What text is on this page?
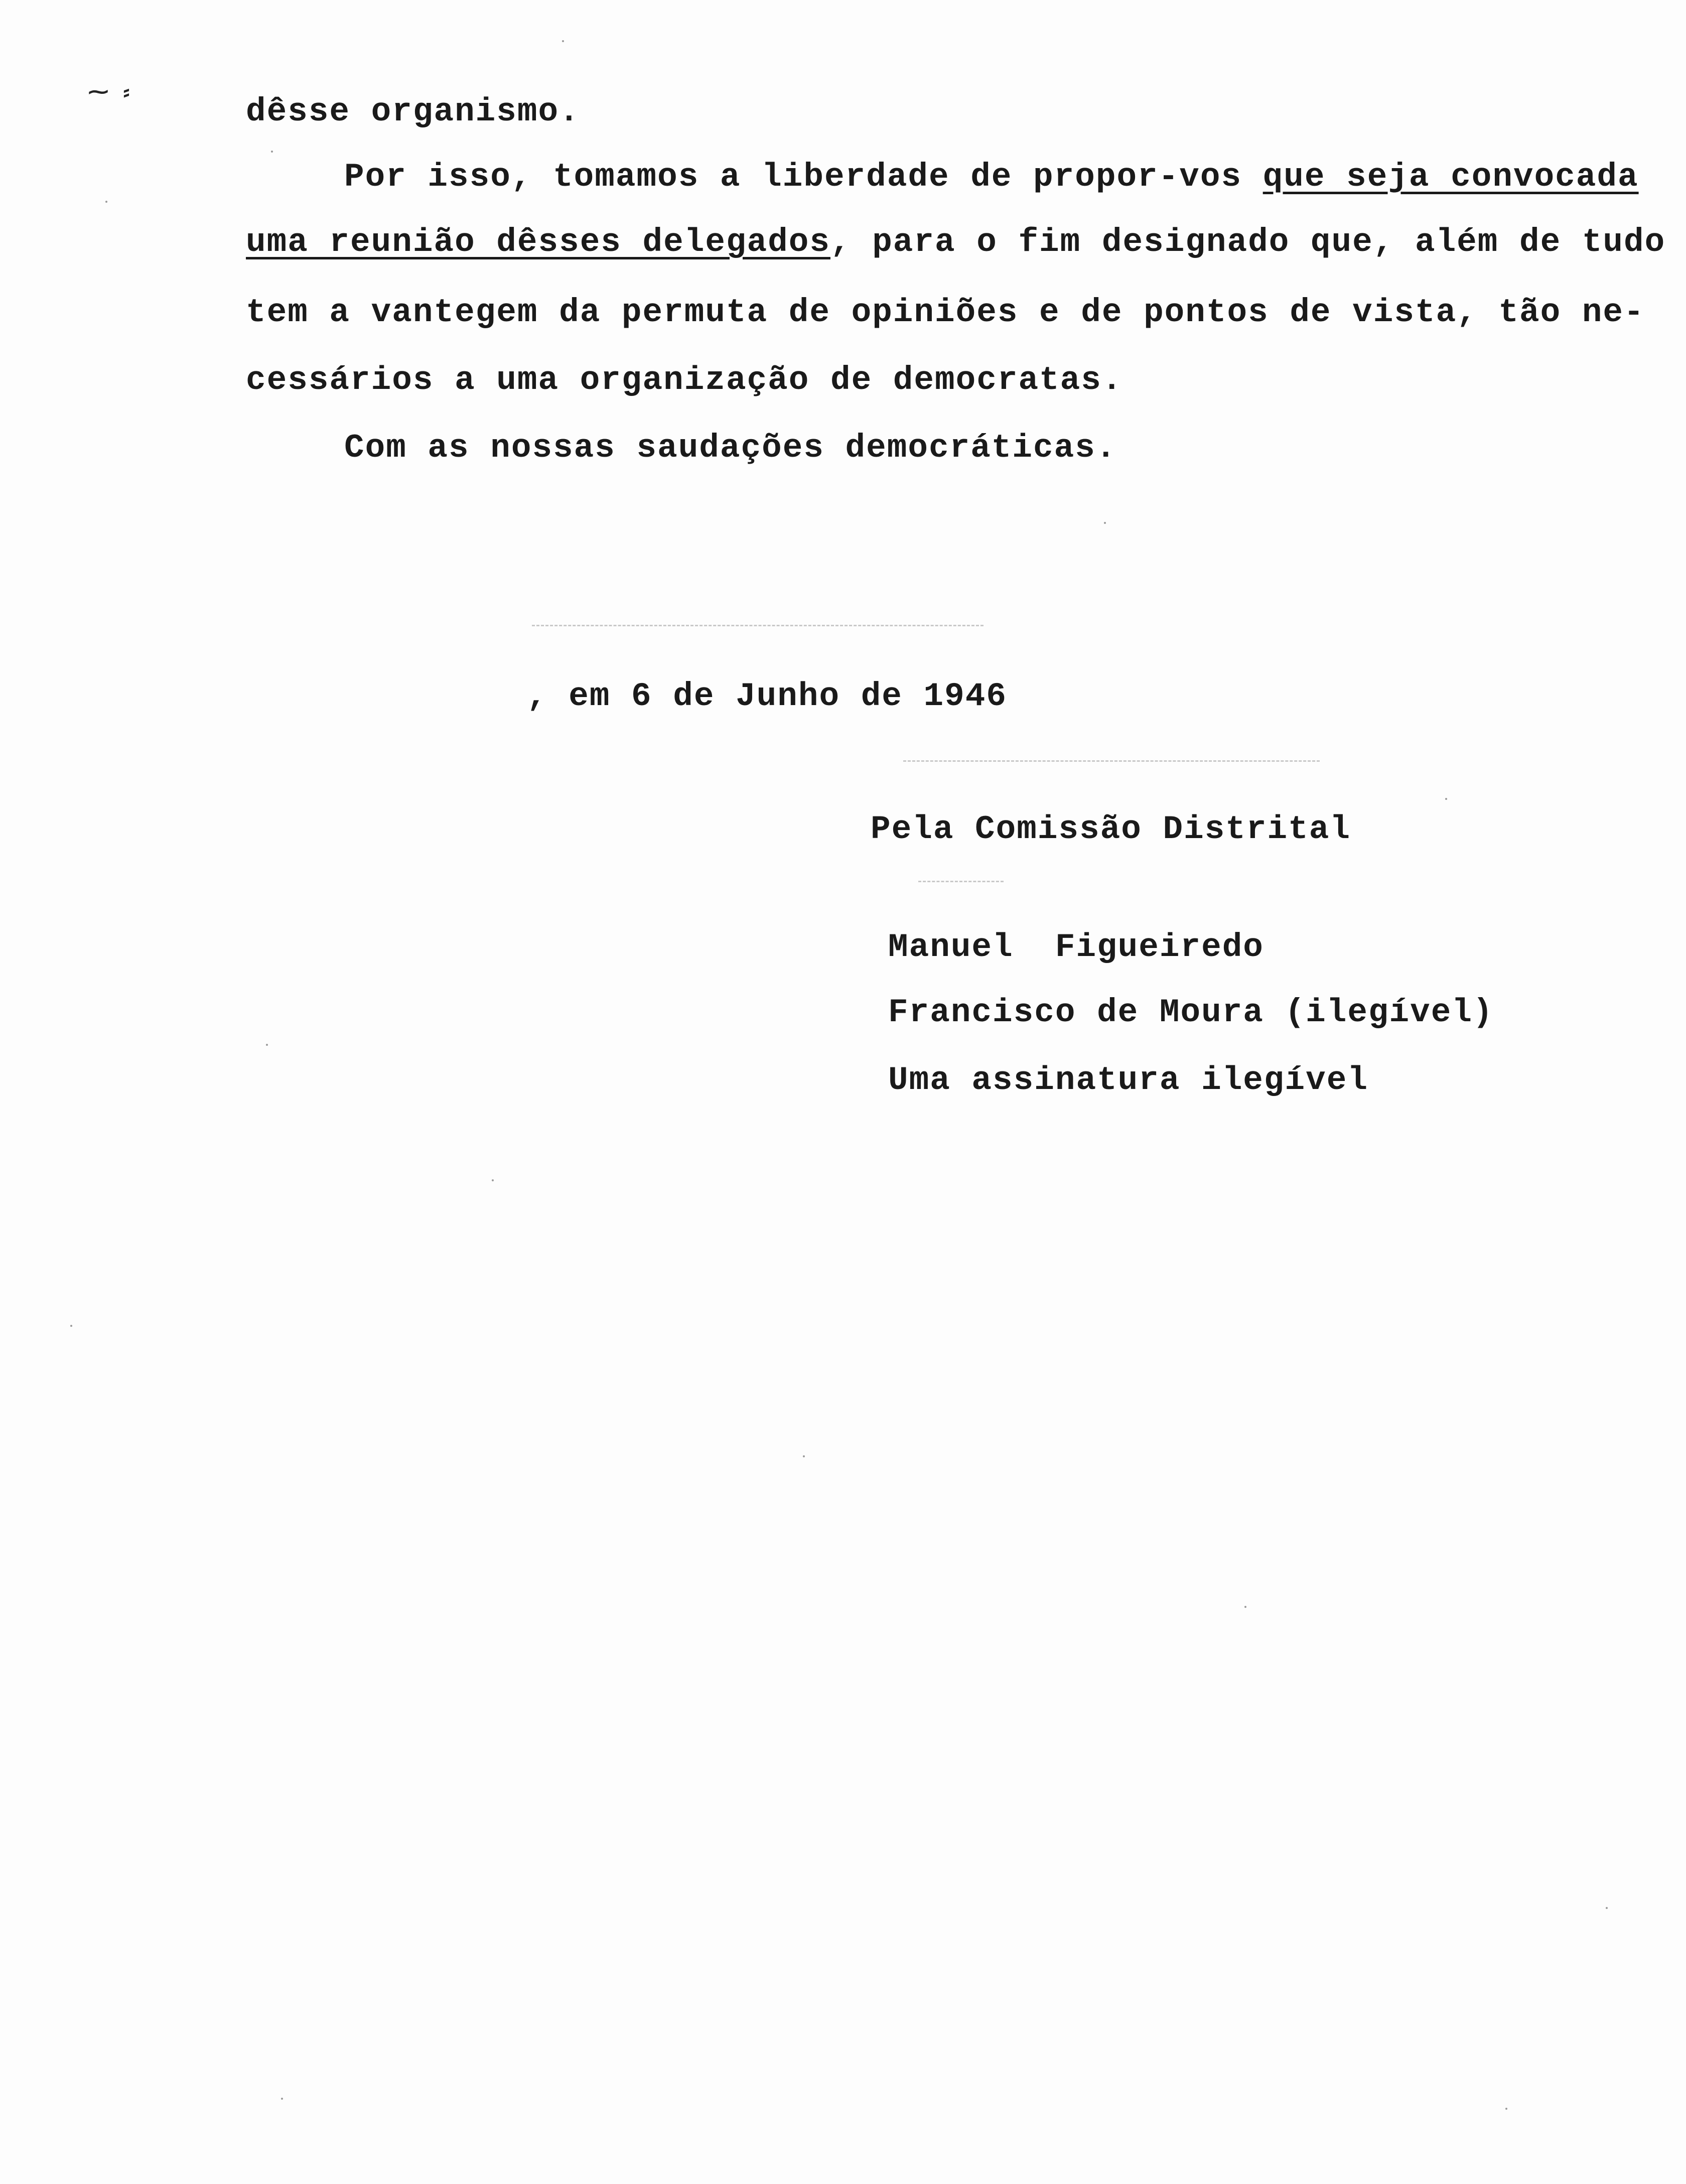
⁓ ⸗	dêsse organismo.
Por isso, tomamos a liberdade de propor-vos que seja convocada
uma reunião dêsses delegados, para o fim designado que, além de tudo
tem a vantegem da permuta de opiniões e de pontos de vista, tão ne-
cessários a uma organização de democratas.
Com as nossas saudações democráticas.
, em 6 de Junho de 1946
Pela Comissão Distrital
Manuel  Figueiredo
Francisco de Moura (ilegível)
Uma assinatura ilegível
